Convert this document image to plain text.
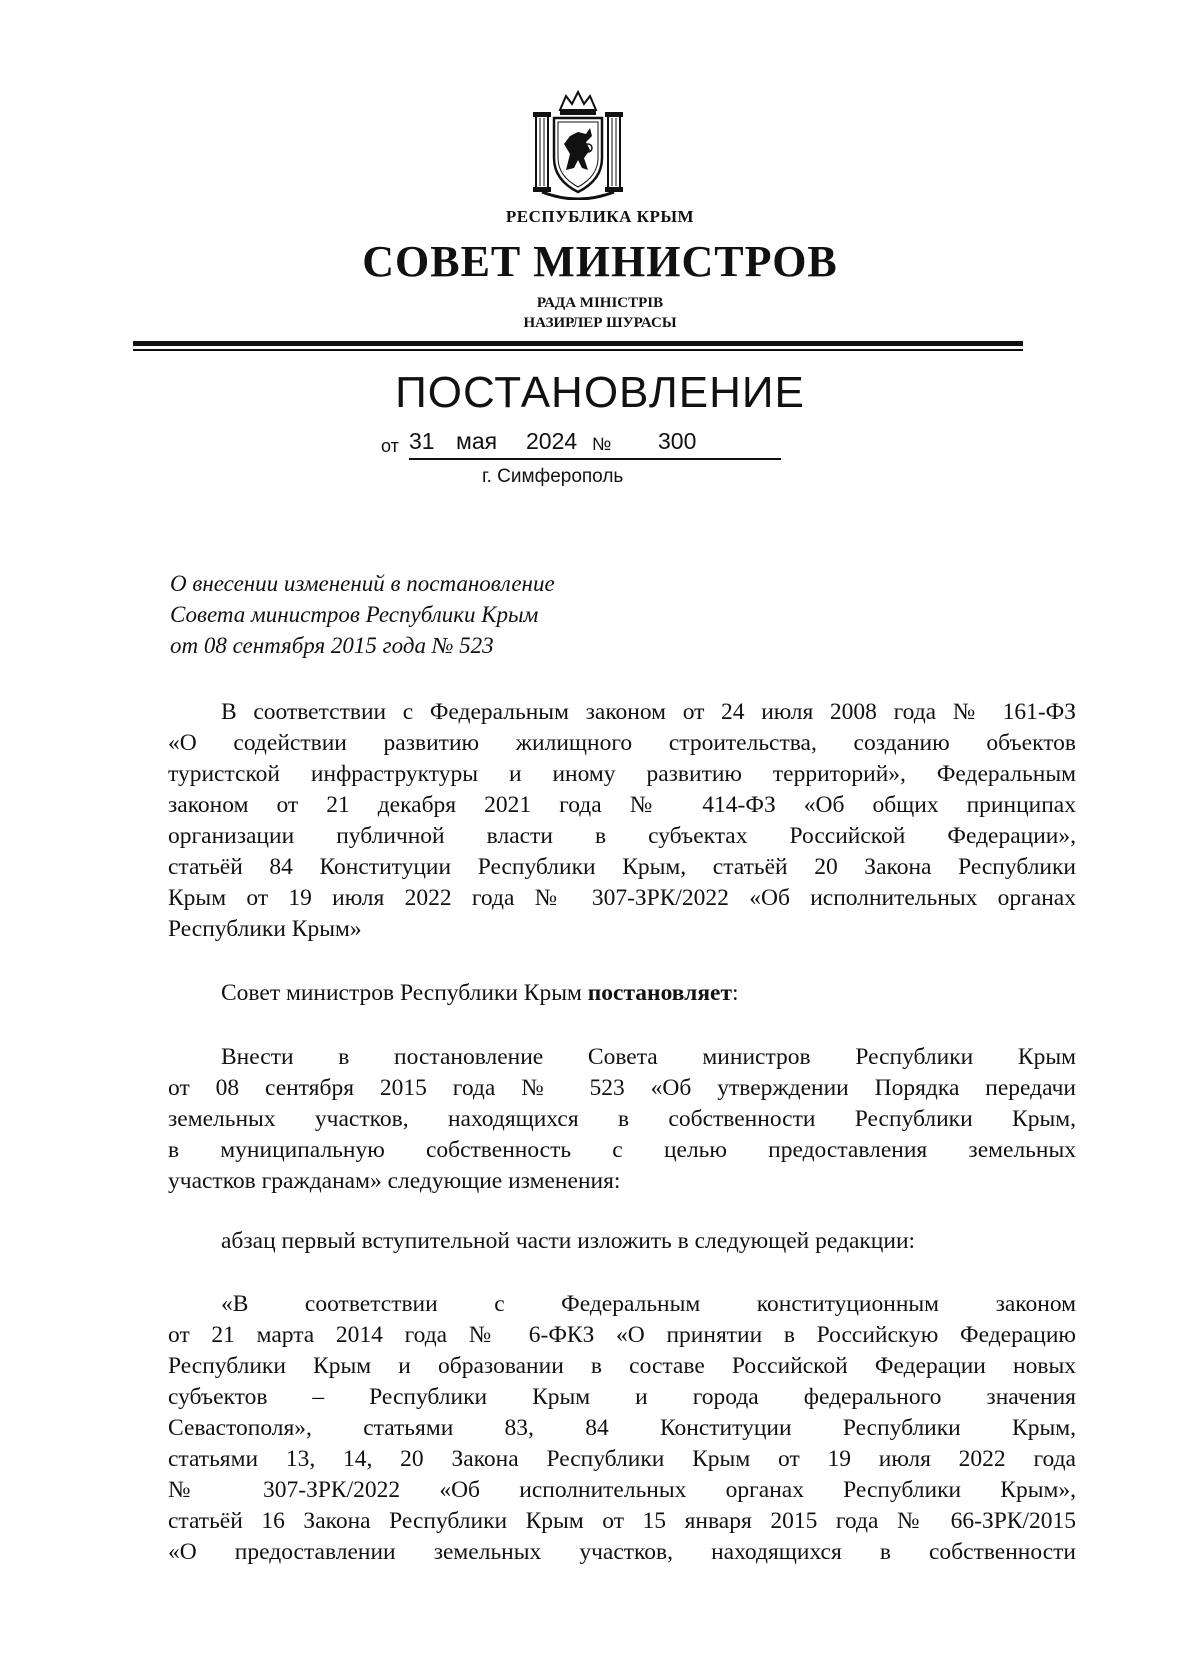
РЕСПУБЛИКА КРЫМ
СОВЕТ МИНИСТРОВ
РАДА МІНІСТРІВ
НАЗИРЛЕР ШУРАСЫ
ПОСТАНОВЛЕНИЕ
от 31 мая 2024 № 300
г. Симферополь
О внесении изменений в постановление
Совета министров Республики Крым
от 08 сентября 2015 года № 523
В соответствии с Федеральным законом от 24 июля 2008 года № 161-ФЗ
«О содействии развитию жилищного строительства, созданию объектов
туристской инфраструктуры и иному развитию территорий», Федеральным
законом от 21 декабря 2021 года № 414-ФЗ «Об общих принципах
организации публичной власти в субъектах Российской Федерации»,
статьёй 84 Конституции Республики Крым, статьёй 20 Закона Республики
Крым от 19 июля 2022 года № 307-ЗРК/2022 «Об исполнительных органах
Республики Крым»
Совет министров Республики Крым постановляет:
Внести в постановление Совета министров Республики Крым
от 08 сентября 2015 года № 523 «Об утверждении Порядка передачи
земельных участков, находящихся в собственности Республики Крым,
в муниципальную собственность с целью предоставления земельных
участков гражданам» следующие изменения:
абзац первый вступительной части изложить в следующей редакции:
«В соответствии с Федеральным конституционным законом
от 21 марта 2014 года № 6-ФКЗ «О принятии в Российскую Федерацию
Республики Крым и образовании в составе Российской Федерации новых
субъектов – Республики Крым и города федерального значения
Севастополя», статьями 83, 84 Конституции Республики Крым,
статьями 13, 14, 20 Закона Республики Крым от 19 июля 2022 года
№ 307-ЗРК/2022 «Об исполнительных органах Республики Крым»,
статьёй 16 Закона Республики Крым от 15 января 2015 года № 66-ЗРК/2015
«О предоставлении земельных участков, находящихся в собственности
